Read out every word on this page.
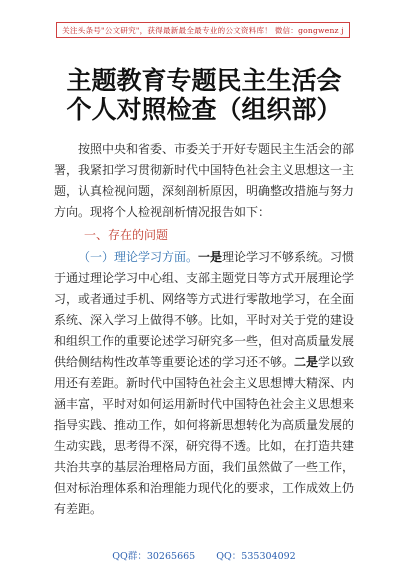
关注头条号"公文研究"，获得最新最全最专业的公文资料库！ 微信：gongwenz j
主题教育专题民主生活会
个人对照检查（组织部）
按照中央和省委、市委关于开好专题民主生活会的部
署，我紧扣学习贯彻新时代中国特色社会主义思想这一主
题，认真检视问题，深刻剖析原因，明确整改措施与努力
方向。现将个人检视剖析情况报告如下：
一、存在的问题
（一）理论学习方面。一是理论学习不够系统。习惯
于通过理论学习中心组、支部主题党日等方式开展理论学
习，或者通过手机、网络等方式进行零散地学习，在全面
系统、深入学习上做得不够。比如，平时对关于党的建设
和组织工作的重要论述学习研究多一些，但对高质量发展
供给侧结构性改革等重要论述的学习还不够。二是学以致
用还有差距。新时代中国特色社会主义思想博大精深、内
涵丰富，平时对如何运用新时代中国特色社会主义思想来
指导实践、推动工作，如何将新思想转化为高质量发展的
生动实践，思考得不深，研究得不透。比如，在打造共建
共治共享的基层治理格局方面，我们虽然做了一些工作，
但对标治理体系和治理能力现代化的要求，工作成效上仍
有差距。
QQ群：30265665 QQ：535304092
